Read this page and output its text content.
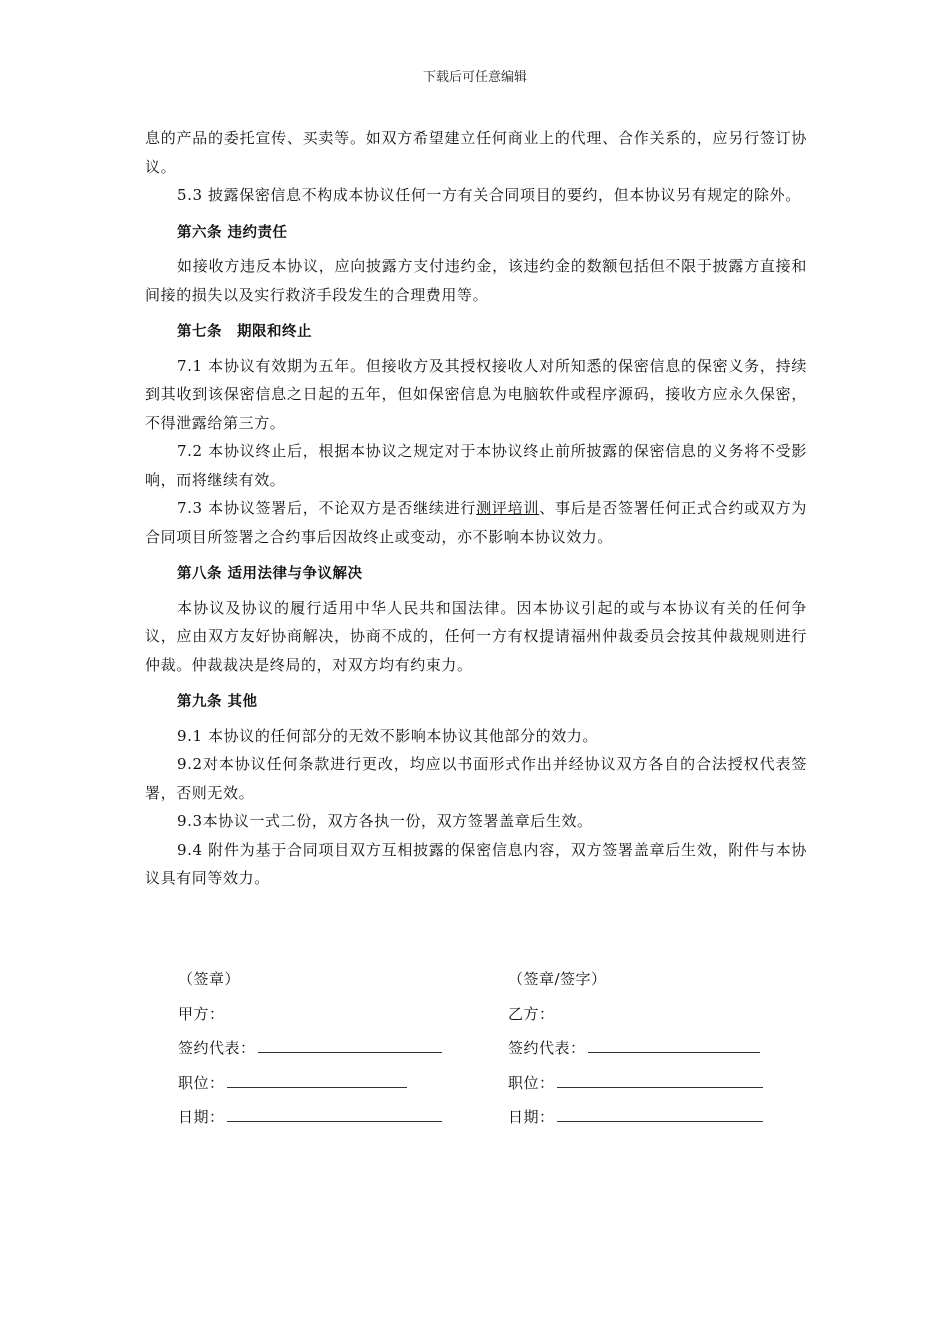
下载后可任意编辑

息的产品的委托宣传、买卖等。如双方希望建立任何商业上的代理、合作关系的，应另行签订协议。

5.3 披露保密信息不构成本协议任何一方有关合同项目的要约，但本协议另有规定的除外。

第六条 违约责任

如接收方违反本协议，应向披露方支付违约金，该违约金的数额包括但不限于披露方直接和间接的损失以及实行救济手段发生的合理费用等。

第七条　期限和终止

7.1 本协议有效期为五年。但接收方及其授权接收人对所知悉的保密信息的保密义务，持续到其收到该保密信息之日起的五年，但如保密信息为电脑软件或程序源码，接收方应永久保密，不得泄露给第三方。

7.2 本协议终止后，根据本协议之规定对于本协议终止前所披露的保密信息的义务将不受影响，而将继续有效。

7.3 本协议签署后，不论双方是否继续进行测评培训、事后是否签署任何正式合约或双方为合同项目所签署之合约事后因故终止或变动，亦不影响本协议效力。

第八条 适用法律与争议解决

本协议及协议的履行适用中华人民共和国法律。因本协议引起的或与本协议有关的任何争议，应由双方友好协商解决，协商不成的，任何一方有权提请福州仲裁委员会按其仲裁规则进行仲裁。仲裁裁决是终局的，对双方均有约束力。

第九条 其他

9.1 本协议的任何部分的无效不影响本协议其他部分的效力。

9.2对本协议任何条款进行更改，均应以书面形式作出并经协议双方各自的合法授权代表签署，否则无效。

9.3本协议一式二份，双方各执一份，双方签署盖章后生效。

9.4 附件为基于合同项目双方互相披露的保密信息内容，双方签署盖章后生效，附件与本协议具有同等效力。

（签章）
甲方：
签约代表：
职位：
日期：
（签章/签字）
乙方：
签约代表：
职位：
日期：
